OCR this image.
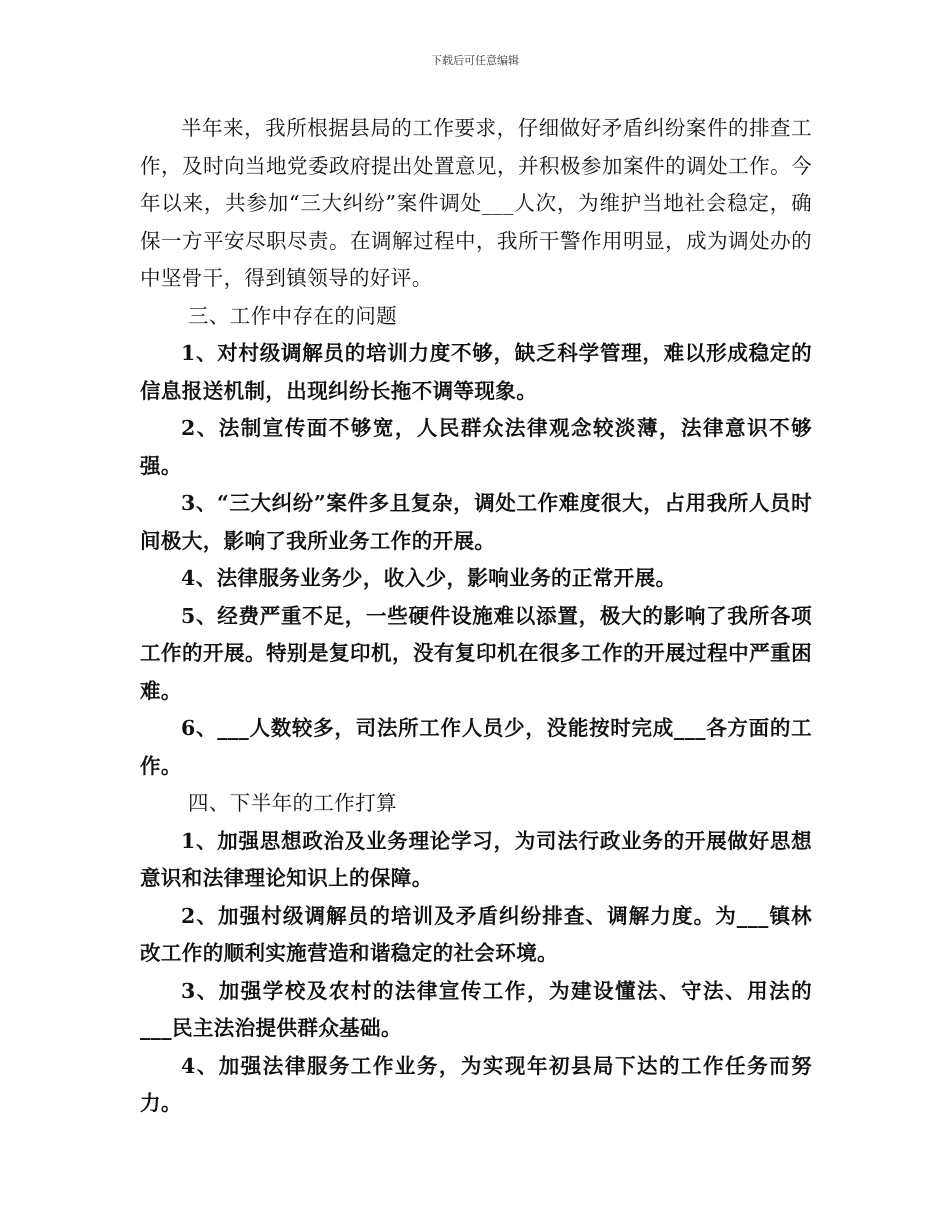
下载后可任意编辑

半年来，我所根据县局的工作要求，仔细做好矛盾纠纷案件的排查工作，及时向当地党委政府提出处置意见，并积极参加案件的调处工作。今年以来，共参加“三大纠纷”案件调处___人次，为维护当地社会稳定，确保一方平安尽职尽责。在调解过程中，我所干警作用明显，成为调处办的中坚骨干，得到镇领导的好评。

三、工作中存在的问题

1、对村级调解员的培训力度不够，缺乏科学管理，难以形成稳定的信息报送机制，出现纠纷长拖不调等现象。

2、法制宣传面不够宽，人民群众法律观念较淡薄，法律意识不够强。

3、“三大纠纷”案件多且复杂，调处工作难度很大，占用我所人员时间极大，影响了我所业务工作的开展。

4、法律服务业务少，收入少，影响业务的正常开展。

5、经费严重不足，一些硬件设施难以添置，极大的影响了我所各项工作的开展。特别是复印机，没有复印机在很多工作的开展过程中严重困难。

6、___人数较多，司法所工作人员少，没能按时完成___各方面的工作。

四、下半年的工作打算

1、加强思想政治及业务理论学习，为司法行政业务的开展做好思想意识和法律理论知识上的保障。

2、加强村级调解员的培训及矛盾纠纷排查、调解力度。为___镇林改工作的顺利实施营造和谐稳定的社会环境。

3、加强学校及农村的法律宣传工作，为建设懂法、守法、用法的___民主法治提供群众基础。

4、加强法律服务工作业务，为实现年初县局下达的工作任务而努力。
